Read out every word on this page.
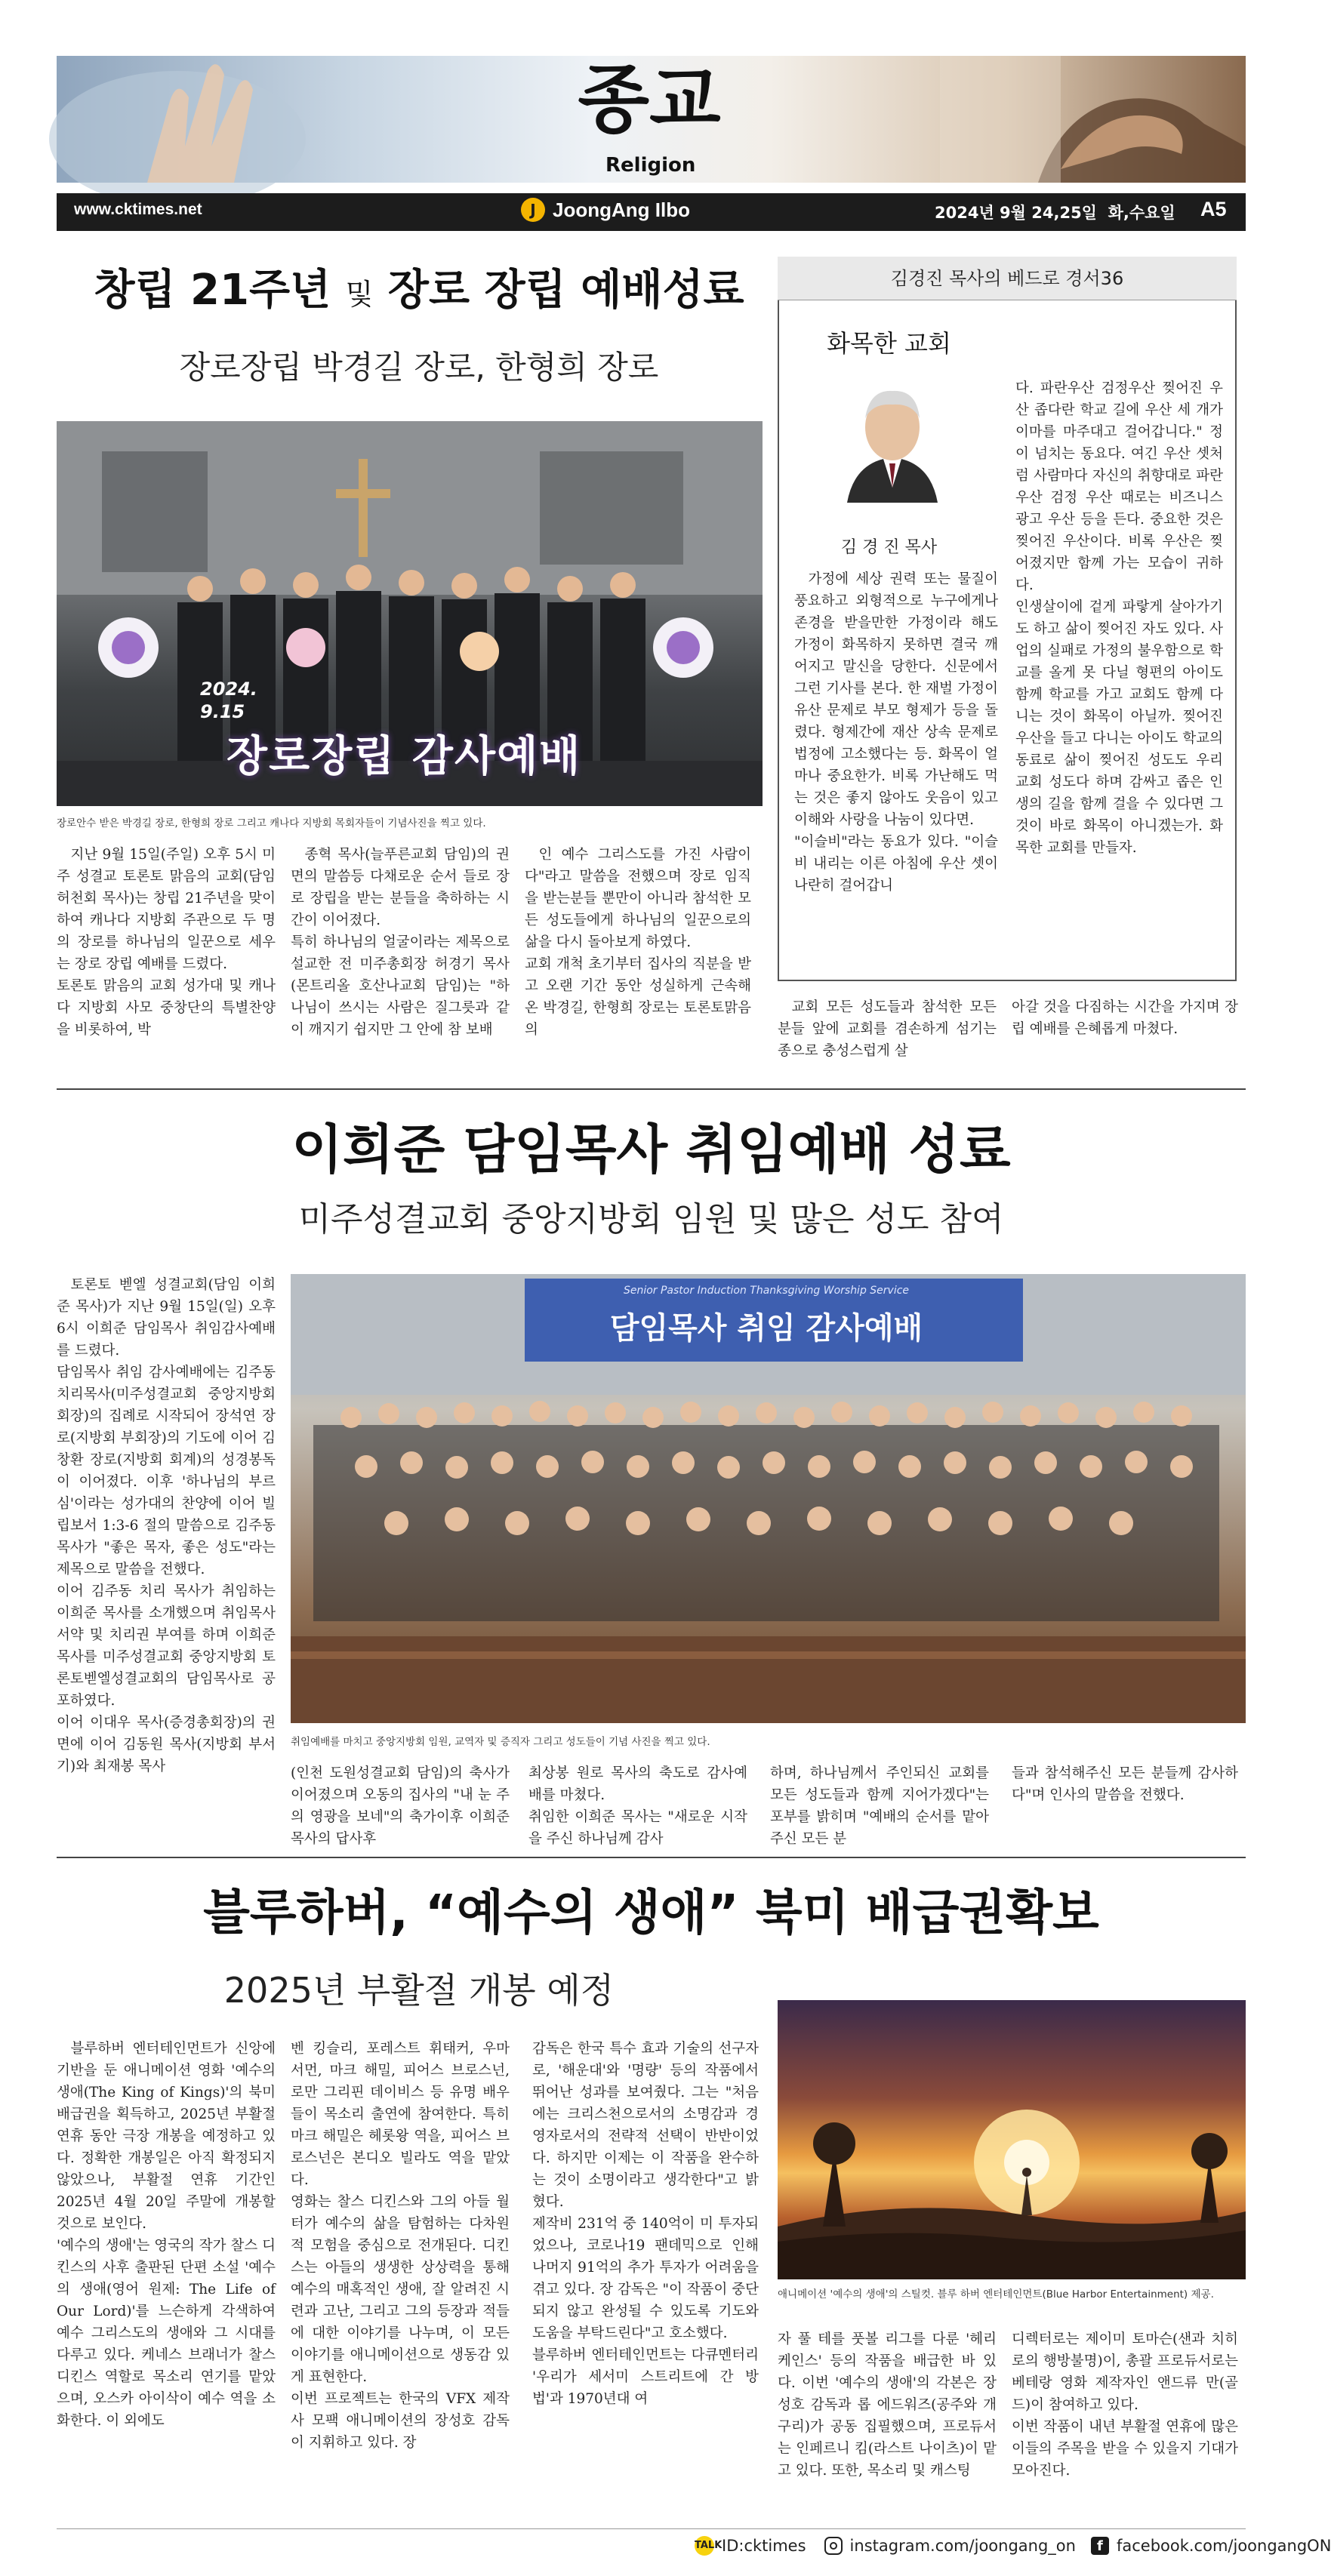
종교
Religion
www.cktimes.net	J JoongAng Ilbo	2024년 9월 24,25일  화,수요일 A5
창립 21주년 및 장로 장립 예배성료
장로장립 박경길 장로, 한형희 장로
2024.
9.15
장로장립 감사예배
장로안수 받은 박경길 장로, 한형희 장로 그리고 캐나다 지방회 목회자들이 기념사진을 찍고 있다.

지난 9월 15일(주일) 오후 5시 미주 성결교 토론토 맑음의 교회(담임 허천회 목사)는 창립 21주년을 맞이하여 캐나다 지방회 주관으로 두 명의 장로를 하나님의 일꾼으로 세우는 장로 장립 예배를 드렸다.
토론토 맑음의 교회 성가대 및 캐나다 지방회 사모 중창단의 특별찬양을 비롯하여, 박

종혁 목사(늘푸른교회 담임)의 권면의 말씀등 다채로운 순서 들로 장로 장립을 받는 분들을 축하하는 시간이 이어졌다.
특히 하나님의 얼굴이라는 제목으로 설교한 전 미주총회장 허경기 목사(몬트리올 호산나교회 담임)는 "하나님이 쓰시는 사람은 질그릇과 같이 깨지기 쉽지만 그 안에 참 보배

인 예수 그리스도를 가진 사람이다"라고 말씀을 전했으며 장로 임직을 받는분들 뿐만이 아니라 참석한 모든 성도들에게 하나님의 일꾼으로의 삶을 다시 돌아보게 하였다.
교회 개척 초기부터 집사의 직분을 받고 오랜 기간 동안 성실하게 근속해 온 박경길, 한형희 장로는 토론토맑음의

교회 모든 성도들과 참석한 모든 분들 앞에 교회를 겸손하게 섬기는 종으로 충성스럽게 살

아갈 것을 다짐하는 시간을 가지며 장립 예배를 은혜롭게 마쳤다.

김경진 목사의 베드로 경서36
화목한 교회
김 경 진 목사

가정에 세상 권력 또는 물질이 풍요하고 외형적으로 누구에게나 존경을 받을만한 가정이라 해도 가정이 화목하지 못하면 결국 깨어지고 말신을 당한다. 신문에서 그런 기사를 본다. 한 재벌 가정이 유산 문제로 부모 형제가 등을 돌렸다. 형제간에 재산 상속 문제로 법정에 고소했다는 등. 화목이 얼마나 중요한가. 비록 가난해도 먹는 것은 좋지 않아도 웃음이 있고 이해와 사랑을 나눔이 있다면.
"이슬비"라는 동요가 있다. "이슬비 내리는 이른 아침에 우산 셋이 나란히 걸어갑니

다. 파란우산 검정우산 찢어진 우산 좁다란 학교 길에 우산 세 개가 이마를 마주대고 걸어갑니다." 정이 넘치는 동요다. 여긴 우산 셋처럼 사람마다 자신의 취향대로 파란 우산 검정 우산 때로는 비즈니스 광고 우산 등을 든다. 중요한 것은 찢어진 우산이다. 비록 우산은 찢어졌지만 함께 가는 모습이 귀하다.
인생살이에 겉게 파랗게 살아가기도 하고 삶이 찢어진 자도 있다. 사업의 실패로 가정의 불우함으로 학교를 올게 못 다닐 형편의 아이도 함께 학교를 가고 교회도 함께 다니는 것이 화목이 아닐까. 찢어진 우산을 들고 다니는 아이도 학교의 동료로 삶이 찢어진 성도도 우리 교회 성도다 하며 감싸고 좁은 인생의 길을 함께 걸을 수 있다면 그것이 바로 화목이 아니겠는가. 화목한 교회를 만들자.

이희준 담임목사 취임예배 성료
미주성결교회 중앙지방회 임원 및 많은 성도 참여

토론토 벧엘 성결교회(담임 이희준 목사)가 지난 9월 15일(일) 오후6시 이희준 담임목사 취임감사예배를 드렸다.
담임목사 취임 감사예배에는 김주동 치리목사(미주성결교회 중앙지방회 회장)의 집례로 시작되어 장석연 장로(지방회 부회장)의 기도에 이어 김창환 장로(지방회 회계)의 성경봉독이 이어졌다. 이후 '하나님의 부르심'이라는 성가대의 찬양에 이어 빌립보서 1:3-6 절의 말씀으로 김주동 목사가 "좋은 목자, 좋은 성도"라는 제목으로 말씀을 전했다.
이어 김주동 치리 목사가 취임하는 이희준 목사를 소개했으며 취임목사 서약 및 치리권 부여를 하며 이희준 목사를 미주성결교회 중앙지방회 토론토벧엘성결교회의 담임목사로 공포하였다.
이어 이대우 목사(증경총회장)의 권면에 이어 김동원 목사(지방회 부서기)와 최재봉 목사

Senior Pastor Induction Thanksgiving Worship Service
담임목사 취임 감사예배
취임예배를 마치고 중앙지방회 임원, 교역자 및 증직자 그리고 성도들이 기념 사진을 찍고 있다.

(인천 도원성결교회 담임)의 축사가 이어졌으며 오동의 집사의 "내 눈 주의 영광을 보네"의 축가이후 이희준 목사의 답사후

최상봉 원로 목사의 축도로 감사예배를 마쳤다.
취임한 이희준 목사는 "새로운 시작을 주신 하나님께 감사

하며, 하나님께서 주인되신 교회를 모든 성도들과 함께 지어가겠다"는 포부를 밝히며 "예배의 순서를 맡아주신 모든 분

들과 참석해주신 모든 분들께 감사하다"며 인사의 말씀을 전했다.

블루하버, “예수의 생애” 북미 배급권확보
2025년 부활절 개봉 예정

블루하버 엔터테인먼트가 신앙에 기반을 둔 애니메이션 영화 '예수의 생애(The King of Kings)'의 북미 배급권을 획득하고, 2025년 부활절 연휴 동안 극장 개봉을 예정하고 있다. 정확한 개봉일은 아직 확정되지 않았으나, 부활절 연휴 기간인 2025년 4월 20일 주말에 개봉할 것으로 보인다.
'예수의 생애'는 영국의 작가 찰스 디킨스의 사후 출판된 단편 소설 '예수의 생애(영어 원제: The Life of Our Lord)'를 느슨하게 각색하여 예수 그리스도의 생애와 그 시대를 다루고 있다. 케네스 브래너가 찰스 디킨스 역할로 목소리 연기를 맡았으며, 오스카 아이삭이 예수 역을 소화한다. 이 외에도

벤 킹슬리, 포레스트 휘태커, 우마 서먼, 마크 해밀, 피어스 브로스넌, 로만 그리핀 데이비스 등 유명 배우들이 목소리 출연에 참여한다. 특히 마크 해밀은 헤롯왕 역을, 피어스 브로스넌은 본디오 빌라도 역을 맡았다.
영화는 찰스 디킨스와 그의 아들 월터가 예수의 삶을 탐험하는 다차원적 모험을 중심으로 전개된다. 디킨스는 아들의 생생한 상상력을 통해 예수의 매혹적인 생애, 잘 알려진 시련과 고난, 그리고 그의 등장과 적들에 대한 이야기를 나누며, 이 모든 이야기를 애니메이션으로 생동감 있게 표현한다.
이번 프로젝트는 한국의 VFX 제작사 모팩 애니메이션의 장성호 감독이 지휘하고 있다. 장

감독은 한국 특수 효과 기술의 선구자로, '해운대'와 '명량' 등의 작품에서 뛰어난 성과를 보여줬다. 그는 "처음에는 크리스천으로서의 소명감과 경영자로서의 전략적 선택이 반반이었다. 하지만 이제는 이 작품을 완수하는 것이 소명이라고 생각한다"고 밝혔다.
제작비 231억 중 140억이 미 투자되었으나, 코로나19 팬데믹으로 인해 나머지 91억의 추가 투자가 어려움을 겪고 있다. 장 감독은 "이 작품이 중단되지 않고 완성될 수 있도록 기도와 도움을 부탁드린다"고 호소했다.
블루하버 엔터테인먼트는 다큐멘터리 '우리가 세서미 스트리트에 간 방법'과 1970년대 여

애니메이션 '예수의 생애'의 스틸컷. 블루 하버 엔터테인먼트(Blue Harbor Entertainment) 제공.

자 풀 테를 풋볼 리그를 다룬 '헤리케인스' 등의 작품을 배급한 바 있다. 이번 '예수의 생애'의 각본은 장성호 감독과 롭 에드워즈(공주와 개구리)가 공동 집필했으며, 프로듀서는 인페르니 킴(라스트 나이츠)이 맡고 있다. 또한, 목소리 및 캐스팅

디렉터로는 제이미 토마슨(샌과 치히로의 행방불명)이, 총괄 프로듀서로는 베테랑 영화 제작자인 앤드류 만(골드)이 참여하고 있다.
이번 작품이 내년 부활절 연휴에 많은 이들의 주목을 받을 수 있을지 기대가 모아진다.

TALK ID:cktimes	instagram.com/joongang_on	f facebook.com/joongangON
